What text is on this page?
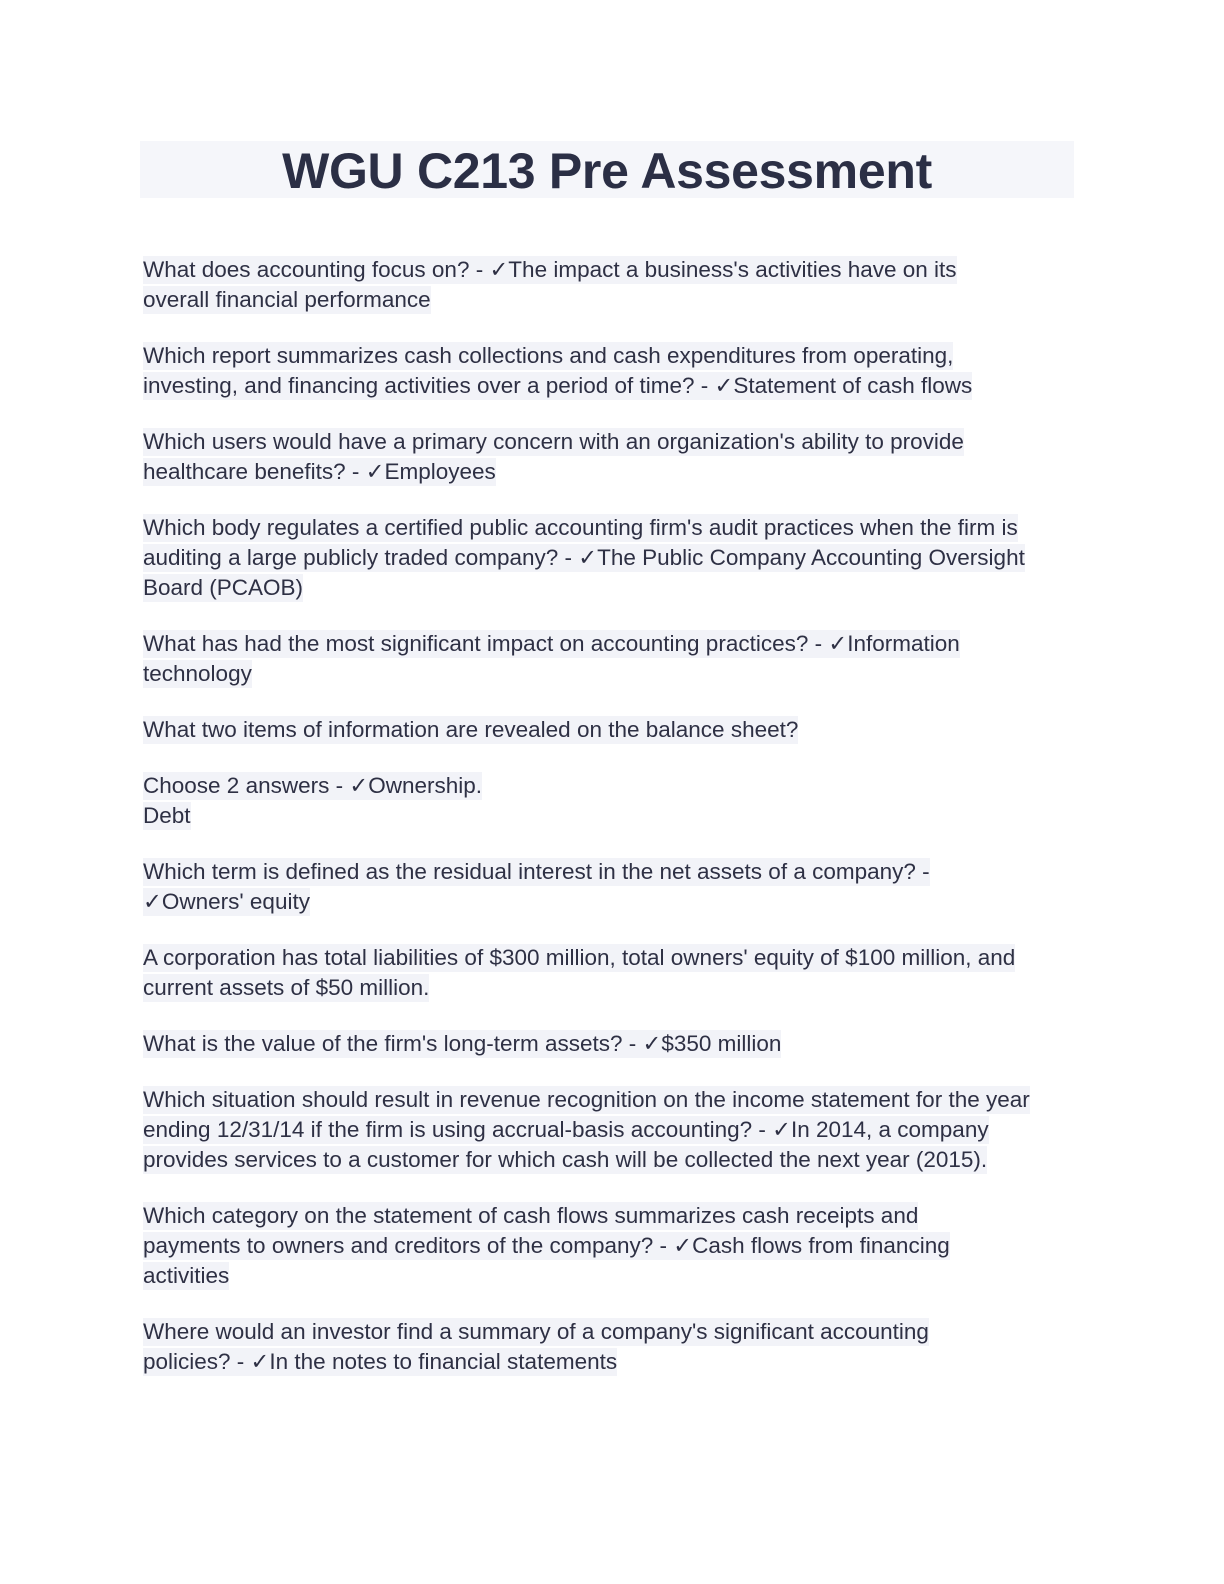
WGU C213 Pre Assessment

What does accounting focus on? - ✓The impact a business's activities have on its overall financial performance

Which report summarizes cash collections and cash expenditures from operating, investing, and financing activities over a period of time? - ✓Statement of cash flows

Which users would have a primary concern with an organization's ability to provide healthcare benefits? - ✓Employees

Which body regulates a certified public accounting firm's audit practices when the firm is auditing a large publicly traded company? - ✓The Public Company Accounting Oversight Board (PCAOB)

What has had the most significant impact on accounting practices? - ✓Information technology

What two items of information are revealed on the balance sheet?

Choose 2 answers - ✓Ownership.
Debt

Which term is defined as the residual interest in the net assets of a company? - ✓Owners' equity

A corporation has total liabilities of $300 million, total owners' equity of $100 million, and current assets of $50 million.

What is the value of the firm's long-term assets? - ✓$350 million

Which situation should result in revenue recognition on the income statement for the year ending 12/31/14 if the firm is using accrual-basis accounting? - ✓In 2014, a company provides services to a customer for which cash will be collected the next year (2015).

Which category on the statement of cash flows summarizes cash receipts and payments to owners and creditors of the company? - ✓Cash flows from financing activities

Where would an investor find a summary of a company's significant accounting policies? - ✓In the notes to financial statements
